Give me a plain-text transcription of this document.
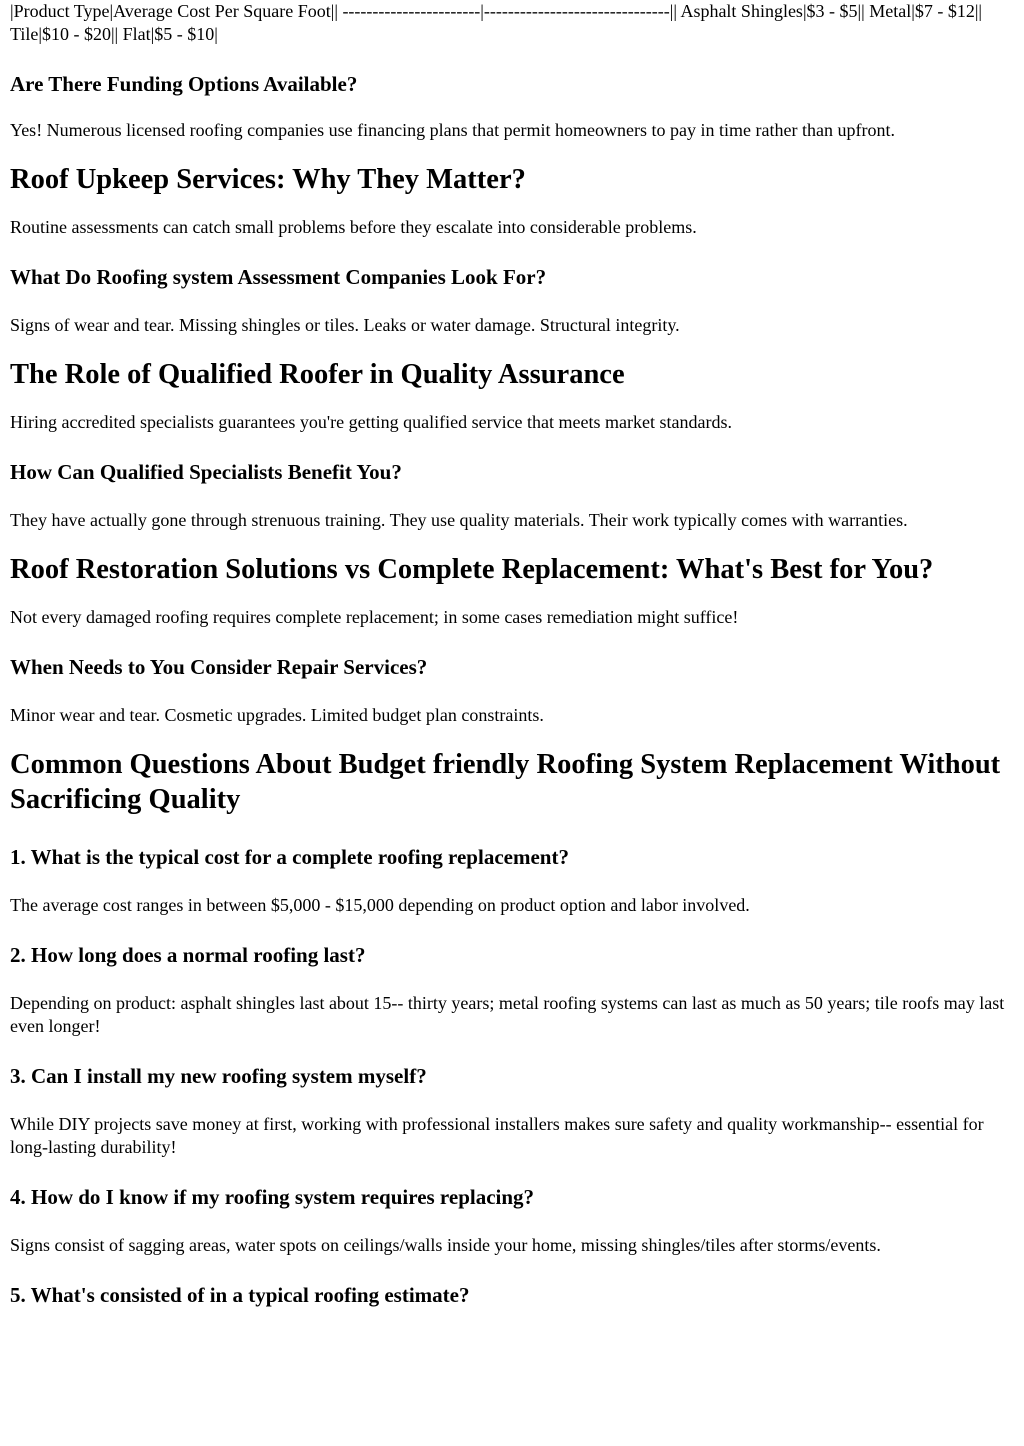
|Product Type|Average Cost Per Square Foot|| -----------------------|-------------------------------|| Asphalt Shingles|$3 - $5|| Metal|$7 - $12|| Tile|$10 - $20|| Flat|$5 - $10|

Are There Funding Options Available?

Yes! Numerous licensed roofing companies use financing plans that permit homeowners to pay in time rather than upfront.

Roof Upkeep Services: Why They Matter?

Routine assessments can catch small problems before they escalate into considerable problems.

What Do Roofing system Assessment Companies Look For?

Signs of wear and tear. Missing shingles or tiles. Leaks or water damage. Structural integrity.

The Role of Qualified Roofer in Quality Assurance

Hiring accredited specialists guarantees you're getting qualified service that meets market standards.

How Can Qualified Specialists Benefit You?

They have actually gone through strenuous training. They use quality materials. Their work typically comes with warranties.

Roof Restoration Solutions vs Complete Replacement: What's Best for You?

Not every damaged roofing requires complete replacement; in some cases remediation might suffice!

When Needs to You Consider Repair Services?

Minor wear and tear. Cosmetic upgrades. Limited budget plan constraints.

Common Questions About Budget friendly Roofing System Replacement Without Sacrificing Quality
1. What is the typical cost for a complete roofing replacement?

The average cost ranges in between $5,000 - $15,000 depending on product option and labor involved.

2. How long does a normal roofing last?

Depending on product: asphalt shingles last about 15-- thirty years; metal roofing systems can last as much as 50 years; tile roofs may last even longer!

3. Can I install my new roofing system myself?

While DIY projects save money at first, working with professional installers makes sure safety and quality workmanship-- essential for long-lasting durability!

4. How do I know if my roofing system requires replacing?

Signs consist of sagging areas, water spots on ceilings/walls inside your home, missing shingles/tiles after storms/events.

5. What's consisted of in a typical roofing estimate?
